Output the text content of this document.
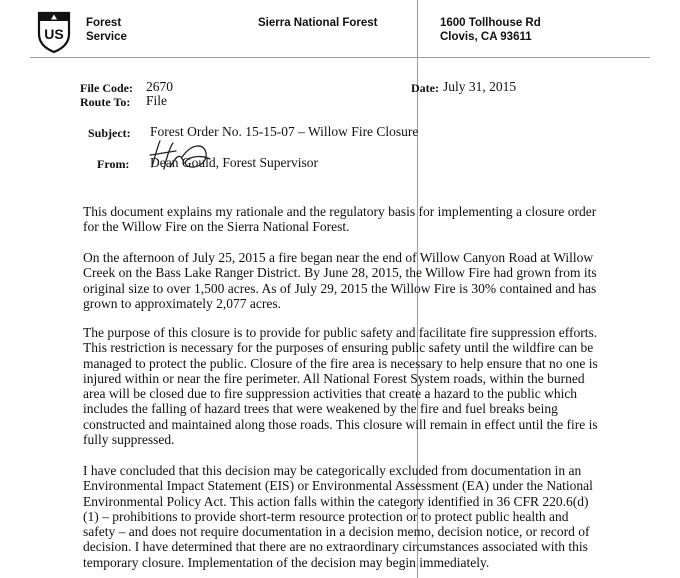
US
Forest
Service
Sierra National Forest	1600 Tollhouse Rd
Clovis, CA 93611
File Code: 2670
Route To: File
Date: July 31, 2015
Subject: Forest Order No. 15-15-07 – Willow Fire Closure
From: Dean Gould, Forest Supervisor

This document explains my rationale and the regulatory basis for implementing a closure order for the Willow Fire on the Sierra National Forest.

On the afternoon of July 25, 2015 a fire began near the end of Willow Canyon Road at Willow Creek on the Bass Lake Ranger District. By June 28, 2015, the Willow Fire had grown from its original size to over 1,500 acres. As of July 29, 2015 the Willow Fire is 30% contained and has grown to approximately 2,077 acres.

The purpose of this closure is to provide for public safety and facilitate fire suppression efforts. This restriction is necessary for the purposes of ensuring public safety until the wildfire can be managed to protect the public. Closure of the fire area is necessary to help ensure that no one is injured within or near the fire perimeter. All National Forest System roads, within the burned area will be closed due to fire suppression activities that create a hazard to the public which includes the falling of hazard trees that were weakened by the fire and fuel breaks being constructed and maintained along those roads. This closure will remain in effect until the fire is fully suppressed.

I have concluded that this decision may be categorically excluded from documentation in an Environmental Impact Statement (EIS) or Environmental Assessment (EA) under the National Environmental Policy Act. This action falls within the category identified in 36 CFR 220.6(d)(1) – prohibitions to provide short-term resource protection or to protect public health and safety – and does not require documentation in a decision memo, decision notice, or record of decision. I have determined that there are no extraordinary circumstances associated with this temporary closure. Implementation of the decision may begin immediately.
